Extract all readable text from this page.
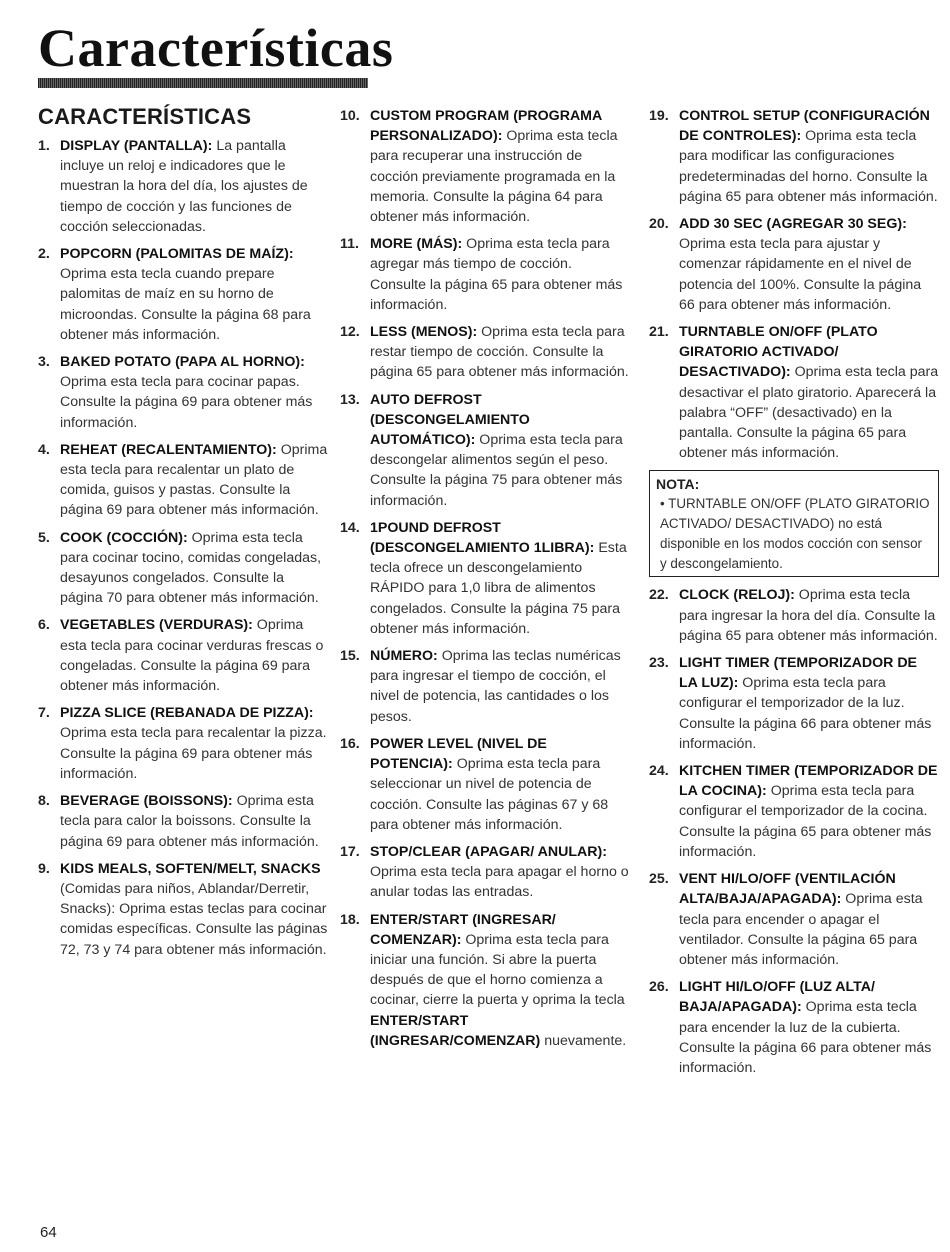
Características
CARACTERÍSTICAS
1. DISPLAY (PANTALLA): La pantalla incluye un reloj e indicadores que le muestran la hora del día, los ajustes de tiempo de cocción y las funciones de cocción seleccionadas.
2. POPCORN (PALOMITAS DE MAÍZ): Oprima esta tecla cuando prepare palomitas de maíz en su horno de microondas. Consulte la página 68 para obtener más información.
3. BAKED POTATO (PAPA AL HORNO): Oprima esta tecla para cocinar papas. Consulte la página 69 para obtener más información.
4. REHEAT (RECALENTAMIENTO): Oprima esta tecla para recalentar un plato de comida, guisos y pastas. Consulte la página 69 para obtener más información.
5. COOK (COCCIÓN): Oprima esta tecla para cocinar tocino, comidas congeladas, desayunos congelados. Consulte la página 70 para obtener más información.
6. VEGETABLES (VERDURAS): Oprima esta tecla para cocinar verduras frescas o congeladas. Consulte la página 69 para obtener más información.
7. PIZZA SLICE (REBANADA DE PIZZA): Oprima esta tecla para recalentar la pizza. Consulte la página 69 para obtener más información.
8. BEVERAGE (BOISSONS): Oprima esta tecla para calor la boissons. Consulte la página 69 para obtener más información.
9. KIDS MEALS, SOFTEN/MELT, SNACKS (Comidas para niños, Ablandar/Derretir, Snacks): Oprima estas teclas para cocinar comidas específicas. Consulte las páginas 72, 73 y 74 para obtener más información.
10. CUSTOM PROGRAM (PROGRAMA PERSONALIZADO): Oprima esta tecla para recuperar una instrucción de cocción previamente programada en la memoria. Consulte la página 64 para obtener más información.
11. MORE (MÁS): Oprima esta tecla para agregar más tiempo de cocción. Consulte la página 65 para obtener más información.
12. LESS (MENOS): Oprima esta tecla para restar tiempo de cocción. Consulte la página 65 para obtener más información.
13. AUTO DEFROST (DESCONGELAMIENTO AUTOMÁTICO): Oprima esta tecla para descongelar alimentos según el peso. Consulte la página 75 para obtener más información.
14. 1POUND DEFROST (DESCONGELAMIENTO 1LIBRA): Esta tecla ofrece un descongelamiento RÁPIDO para 1,0 libra de alimentos congelados. Consulte la página 75 para obtener más información.
15. NÚMERO: Oprima las teclas numéricas para ingresar el tiempo de cocción, el nivel de potencia, las cantidades o los pesos.
16. POWER LEVEL (NIVEL DE POTENCIA): Oprima esta tecla para seleccionar un nivel de potencia de cocción. Consulte las páginas 67 y 68 para obtener más información.
17. STOP/CLEAR (APAGAR/ ANULAR): Oprima esta tecla para apagar el horno o anular todas las entradas.
18. ENTER/START (INGRESAR/ COMENZAR): Oprima esta tecla para iniciar una función. Si abre la puerta después de que el horno comienza a cocinar, cierre la puerta y oprima la tecla ENTER/START (INGRESAR/COMENZAR) nuevamente.
19. CONTROL SETUP (CONFIGURACIÓN DE CONTROLES): Oprima esta tecla para modificar las configuraciones predeterminadas del horno. Consulte la página 65 para obtener más información.
20. ADD 30 SEC (AGREGAR 30 SEG): Oprima esta tecla para ajustar y comenzar rápidamente en el nivel de potencia del 100%. Consulte la página 66 para obtener más información.
21. TURNTABLE ON/OFF (PLATO GIRATORIO ACTIVADO/ DESACTIVADO): Oprima esta tecla para desactivar el plato giratorio. Aparecerá la palabra “OFF” (desactivado) en la pantalla. Consulte la página 65 para obtener más información.
NOTA:
• TURNTABLE ON/OFF (PLATO GIRATORIO ACTIVADO/ DESACTIVADO) no está disponible en los modos cocción con sensor y descongelamiento.
22. CLOCK (RELOJ): Oprima esta tecla para ingresar la hora del día. Consulte la página 65 para obtener más información.
23. LIGHT TIMER (TEMPORIZADOR DE LA LUZ): Oprima esta tecla para configurar el temporizador de la luz. Consulte la página 66 para obtener más información.
24. KITCHEN TIMER (TEMPORIZADOR DE LA COCINA): Oprima esta tecla para configurar el temporizador de la cocina. Consulte la página 65 para obtener más información.
25. VENT HI/LO/OFF (VENTILACIÓN ALTA/BAJA/APAGADA): Oprima esta tecla para encender o apagar el ventilador. Consulte la página 65 para obtener más información.
26. LIGHT HI/LO/OFF (LUZ ALTA/ BAJA/APAGADA): Oprima esta tecla para encender la luz de la cubierta. Consulte la página 66 para obtener más información.
64
